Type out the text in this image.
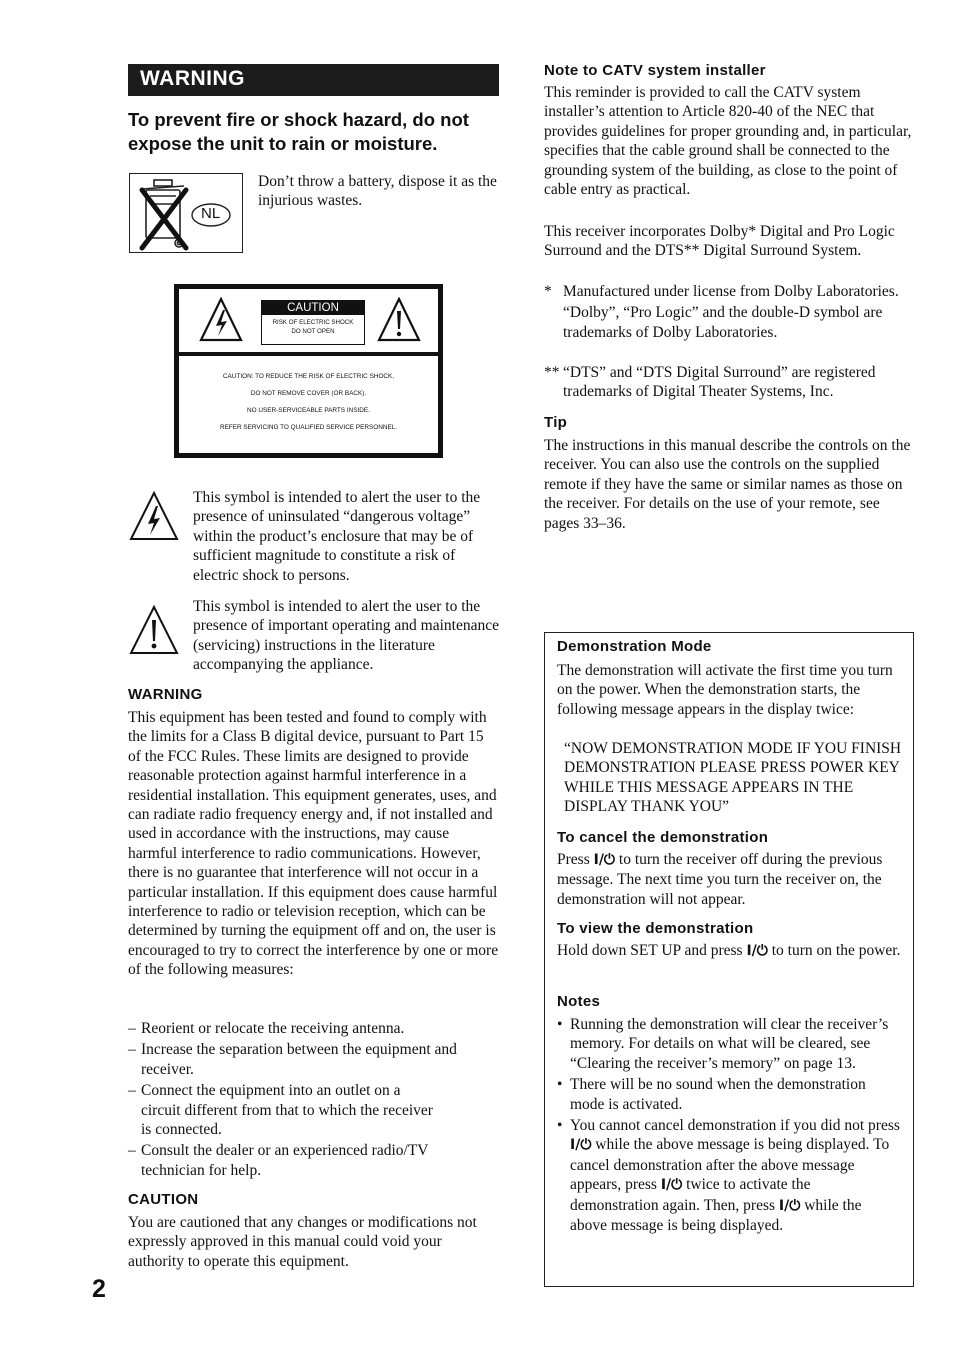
WARNING
To prevent fire or shock hazard, do not expose the unit to rain or moisture.
NL
Don’t throw a battery, dispose it as the injurious wastes.
CAUTION
RISK OF ELECTRIC SHOCK
DO NOT OPEN
CAUTION: TO REDUCE THE RISK OF ELECTRIC SHOCK,
DO NOT REMOVE COVER (OR BACK).
NO USER-SERVICEABLE PARTS INSIDE.
REFER SERVICING TO QUALIFIED SERVICE PERSONNEL.
This symbol is intended to alert the user to the presence of uninsulated “dangerous voltage” within the product’s enclosure that may be of sufficient magnitude to constitute a risk of electric shock to persons.
This symbol is intended to alert the user to the presence of important operating and maintenance (servicing) instructions in the literature accompanying the appliance.
WARNING
This equipment has been tested and found to comply with the limits for a Class B digital device, pursuant to Part 15 of the FCC Rules. These limits are designed to provide reasonable protection against harmful interference in a residential installation. This equipment generates, uses, and can radiate radio frequency energy and, if not installed and used in accordance with the instructions, may cause harmful interference to radio communications. However, there is no guarantee that interference will not occur in a particular installation. If this equipment does cause harmful interference to radio or television reception, which can be determined by turning the equipment off and on, the user is encouraged to try to correct the interference by one or more of the following measures:
– Reorient or relocate the receiving antenna.
– Increase the separation between the equipment and receiver.
– Connect the equipment into an outlet on a circuit different from that to which the receiver is connected.
– Consult the dealer or an experienced radio/TV technician for help.
CAUTION
You are cautioned that any changes or modifications not expressly approved in this manual could void your authority to operate this equipment.
2
Note to CATV system installer
This reminder is provided to call the CATV system installer’s attention to Article 820-40 of the NEC that provides guidelines for proper grounding and, in particular, specifies that the cable ground shall be connected to the grounding system of the building, as close to the point of cable entry as practical.
This receiver incorporates Dolby* Digital and Pro Logic Surround and the DTS** Digital Surround System.
* Manufactured under license from Dolby Laboratories.
“Dolby”, “Pro Logic” and the double-D symbol are trademarks of Dolby Laboratories.
** “DTS” and “DTS Digital Surround” are registered trademarks of Digital Theater Systems, Inc.
Tip
The instructions in this manual describe the controls on the receiver. You can also use the controls on the supplied remote if they have the same or similar names as those on the receiver. For details on the use of your remote, see pages 33–36.
Demonstration Mode
The demonstration will activate the first time you turn on the power. When the demonstration starts, the following message appears in the display twice:
“NOW DEMONSTRATION MODE IF YOU FINISH DEMONSTRATION PLEASE PRESS POWER KEY WHILE THIS MESSAGE APPEARS IN THE DISPLAY THANK YOU”
To cancel the demonstration
Press I/⏻ to turn the receiver off during the previous message. The next time you turn the receiver on, the demonstration will not appear.
To view the demonstration
Hold down SET UP and press I/⏻ to turn on the power.
Notes
• Running the demonstration will clear the receiver’s memory. For details on what will be cleared, see “Clearing the receiver’s memory” on page 13.
• There will be no sound when the demonstration mode is activated.
• You cannot cancel demonstration if you did not press I/⏻ while the above message is being displayed. To cancel demonstration after the above message appears, press I/⏻ twice to activate the demonstration again. Then, press I/⏻ while the above message is being displayed.
